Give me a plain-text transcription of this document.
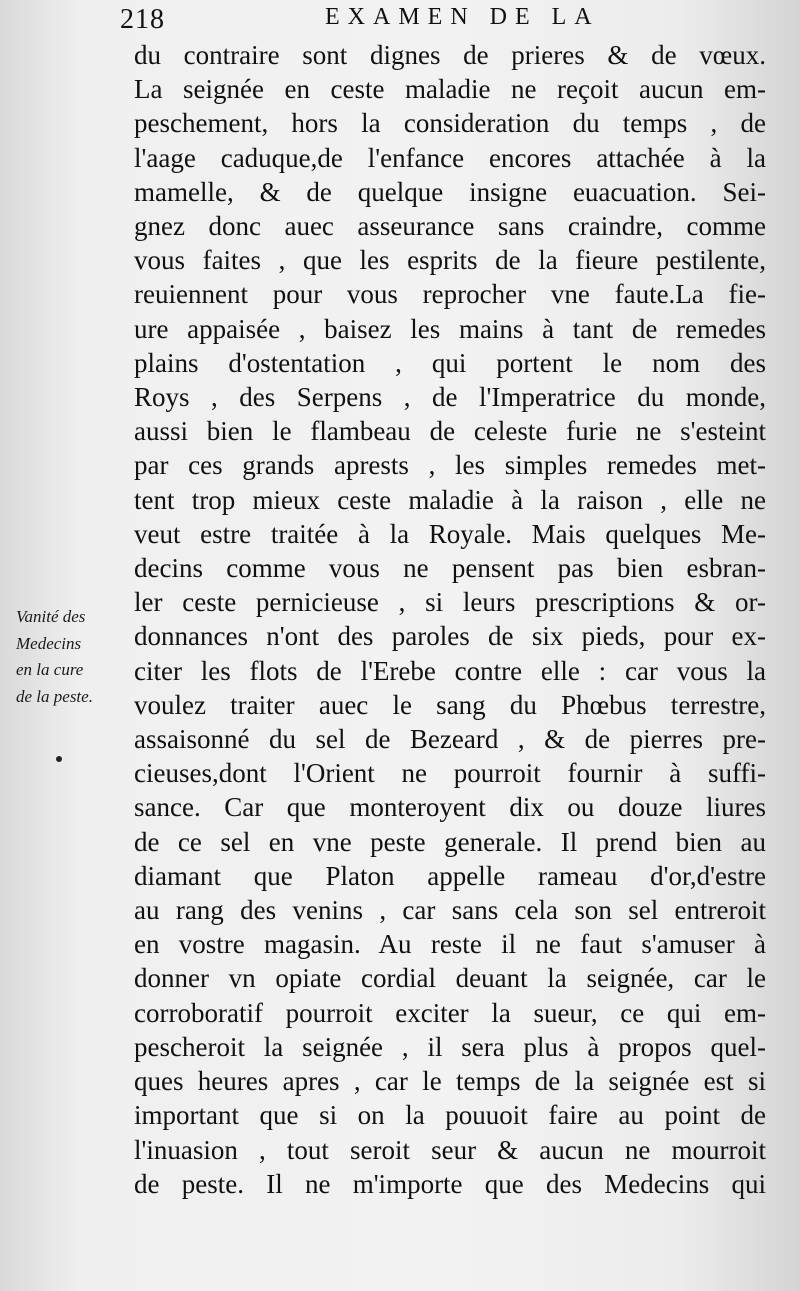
218	EXAMEN DE LA
du contraire sont dignes de prieres & de vœux.
La seignée en ceste maladie ne reçoit aucun em-
peschement, hors la consideration du temps , de
l'aage caduque,de l'enfance encores attachée à la
mamelle, & de quelque insigne euacuation. Sei-
gnez donc auec asseurance sans craindre, comme
vous faites , que les esprits de la fieure pestilente,
reuiennent pour vous reprocher vne faute.La fie-
ure appaisée , baisez les mains à tant de remedes
plains d'ostentation , qui portent le nom des
Roys , des Serpens , de l'Imperatrice du monde,
aussi bien le flambeau de celeste furie ne s'esteint
par ces grands aprests , les simples remedes met-
tent trop mieux ceste maladie à la raison , elle ne
veut estre traitée à la Royale. Mais quelques Me-
decins comme vous ne pensent pas bien esbran-
ler ceste pernicieuse , si leurs prescriptions & or-
donnances n'ont des paroles de six pieds, pour ex-
citer les flots de l'Erebe contre elle : car vous la
voulez traiter auec le sang du Phœbus terrestre,
assaisonné du sel de Bezeard , & de pierres pre-
cieuses,dont l'Orient ne pourroit fournir à suffi-
sance. Car que monteroyent dix ou douze liures
de ce sel en vne peste generale. Il prend bien au
diamant que Platon appelle rameau d'or,d'estre
au rang des venins , car sans cela son sel entreroit
en vostre magasin. Au reste il ne faut s'amuser à
donner vn opiate cordial deuant la seignée, car le
corroboratif pourroit exciter la sueur, ce qui em-
pescheroit la seignée , il sera plus à propos quel-
ques heures apres , car le temps de la seignée est si
important que si on la pouuoit faire au point de
l'inuasion , tout seroit seur & aucun ne mourroit
de peste. Il ne m'importe que des Medecins qui
Vanité des
Medecins
en la cure
de la peste.
